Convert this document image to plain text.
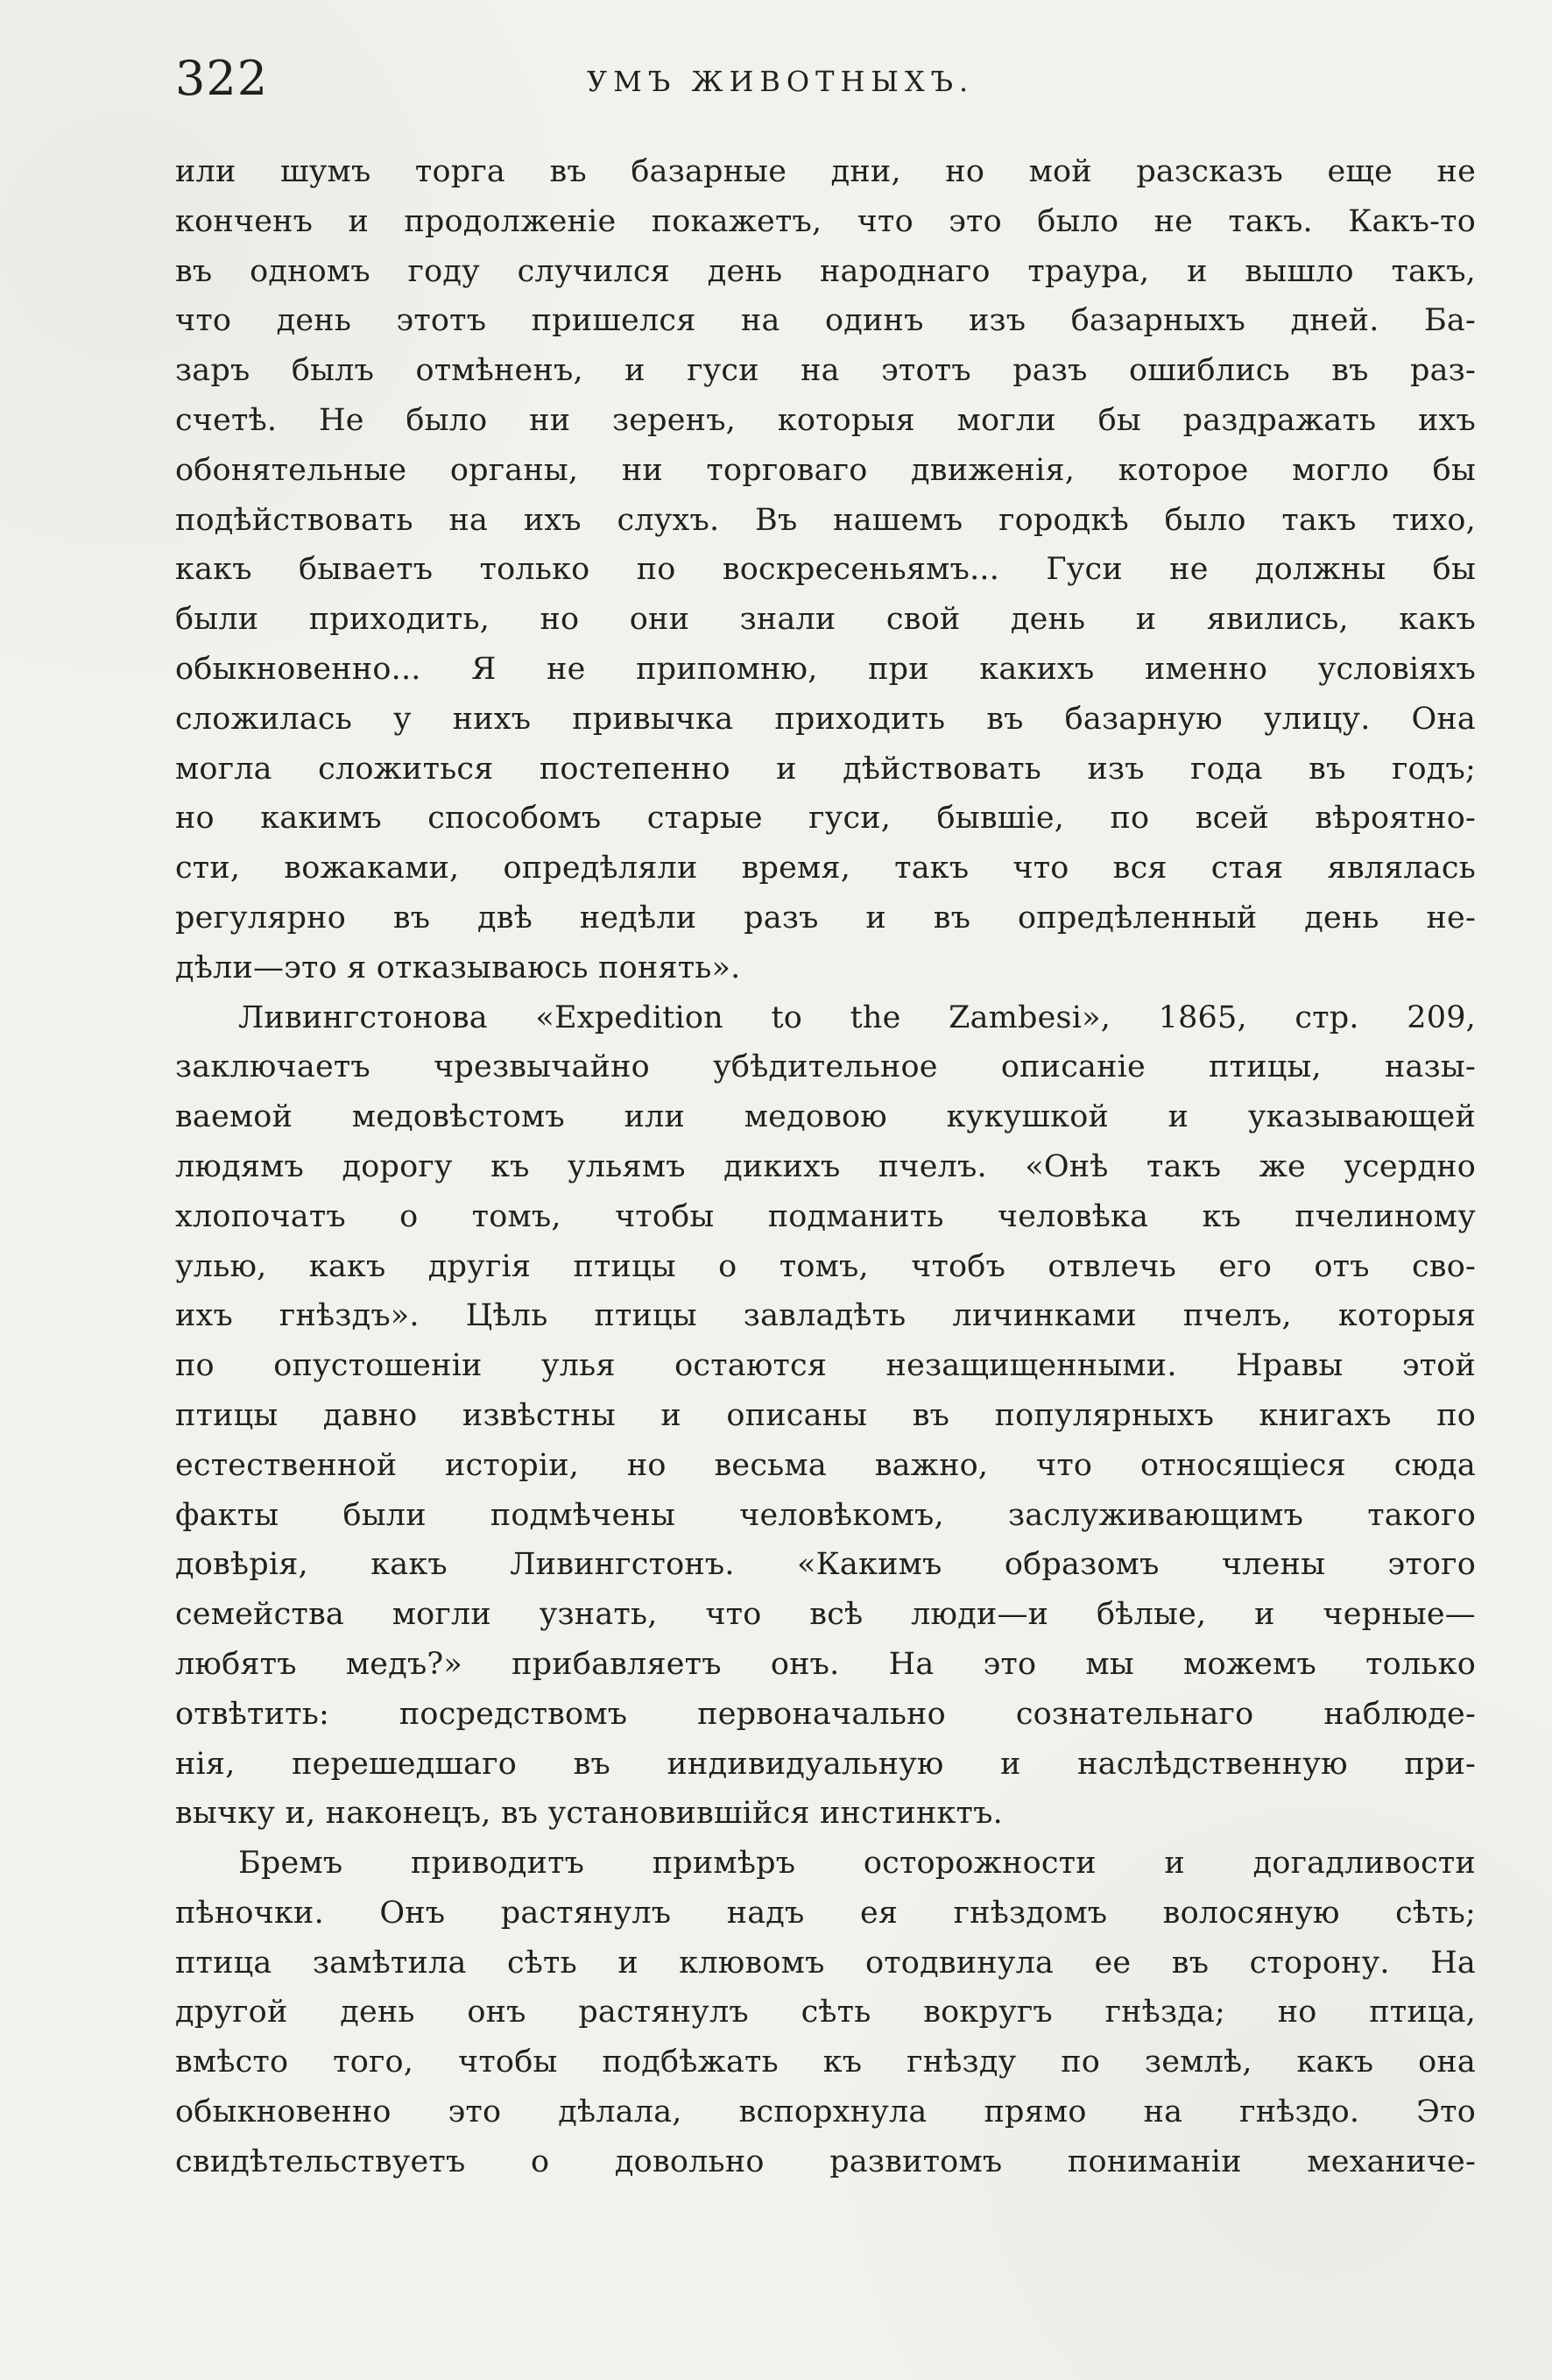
322	УМЪ ЖИВОТНЫХЪ.
или шумъ торга въ базарные дни, но мой разсказъ еще не
конченъ и продолженіе покажетъ, что это было не такъ. Какъ-то
въ одномъ году случился день народнаго траура, и вышло такъ,
что день этотъ пришелся на одинъ изъ базарныхъ дней. Ба-
заръ былъ отмѣненъ, и гуси на этотъ разъ ошиблись въ раз-
счетѣ. Не было ни зеренъ, которыя могли бы раздражать ихъ
обонятельные органы, ни торговаго движенія, которое могло бы
подѣйствовать на ихъ слухъ. Въ нашемъ городкѣ было такъ тихо,
какъ бываетъ только по воскресеньямъ... Гуси не должны бы
были приходить, но они знали свой день и явились, какъ
обыкновенно... Я не припомню, при какихъ именно условіяхъ
сложилась у нихъ привычка приходить въ базарную улицу. Она
могла сложиться постепенно и дѣйствовать изъ года въ годъ;
но какимъ способомъ старые гуси, бывшіе, по всей вѣроятно-
сти, вожаками, опредѣляли время, такъ что вся стая являлась
регулярно въ двѣ недѣли разъ и въ опредѣленный день не-
дѣли—это я отказываюсь понять».
Ливингстонова «Expedition to the Zambesi», 1865, стр. 209,
заключаетъ чрезвычайно убѣдительное описаніе птицы, назы-
ваемой медовѣстомъ или медовою кукушкой и указывающей
людямъ дорогу къ ульямъ дикихъ пчелъ. «Онѣ такъ же усердно
хлопочатъ о томъ, чтобы подманить человѣка къ пчелиному
улью, какъ другія птицы о томъ, чтобъ отвлечь его отъ сво-
ихъ гнѣздъ». Цѣль птицы завладѣть личинками пчелъ, которыя
по опустошеніи улья остаются незащищенными. Нравы этой
птицы давно извѣстны и описаны въ популярныхъ книгахъ по
естественной исторіи, но весьма важно, что относящіеся сюда
факты были подмѣчены человѣкомъ, заслуживающимъ такого
довѣрія, какъ Ливингстонъ. «Какимъ образомъ члены этого
семейства могли узнать, что всѣ люди—и бѣлые, и черные—
любятъ медъ?» прибавляетъ онъ. На это мы можемъ только
отвѣтить: посредствомъ первоначально сознательнаго наблюде-
нія, перешедшаго въ индивидуальную и наслѣдственную при-
вычку и, наконецъ, въ установившійся инстинктъ.
Бремъ приводитъ примѣръ осторожности и догадливости
пѣночки. Онъ растянулъ надъ ея гнѣздомъ волосяную сѣть;
птица замѣтила сѣть и клювомъ отодвинула ее въ сторону. На
другой день онъ растянулъ сѣть вокругъ гнѣзда; но птица,
вмѣсто того, чтобы подбѣжать къ гнѣзду по землѣ, какъ она
обыкновенно это дѣлала, вспорхнула прямо на гнѣздо. Это
свидѣтельствуетъ о довольно развитомъ пониманіи механиче-
